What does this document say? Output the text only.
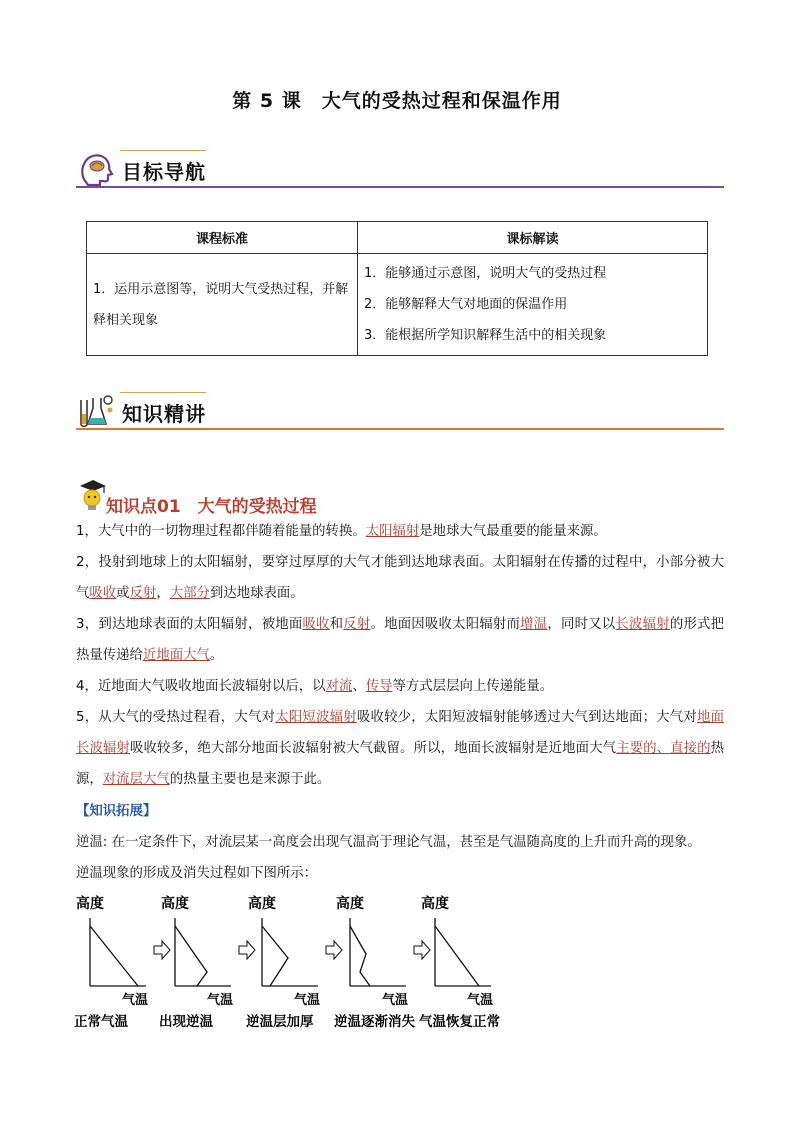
第 5 课　大气的受热过程和保温作用
目标导航
课程标准	课标解读
1．运用示意图等，说明大气受热过程，并解释相关现象	1．能够通过示意图，说明大气的受热过程

2．能够解释大气对地面的保温作用

3．能根据所学知识解释生活中的相关现象

知识精讲
知识点01　 大气的受热过程
1，大气中的一切物理过程都伴随着能量的转换。太阳辐射是地球大气最重要的能量来源。
2，投射到地球上的太阳辐射，要穿过厚厚的大气才能到达地球表面。太阳辐射在传播的过程中，小部分被大气吸收或反射，大部分到达地球表面。
3，到达地球表面的太阳辐射，被地面吸收和反射。地面因吸收太阳辐射而增温，同时又以长波辐射的形式把热量传递给近地面大气。
4，近地面大气吸收地面长波辐射以后，以对流、传导等方式层层向上传递能量。
5，从大气的受热过程看，大气对太阳短波辐射吸收较少，太阳短波辐射能够透过大气到达地面；大气对地面长波辐射吸收较多，绝大部分地面长波辐射被大气截留。所以，地面长波辐射是近地面大气主要的、直接的热源，对流层大气的热量主要也是来源于此。
【知识拓展】
逆温: 在一定条件下，对流层某一高度会出现气温高于理论气温，甚至是气温随高度的上升而升高的现象。
逆温现象的形成及消失过程如下图所示：
高度
气温
正常气温
高度
气温
出现逆温
高度
气温
逆温层加厚
高度
气温
逆温逐渐消失
高度
气温
气温恢复正常
